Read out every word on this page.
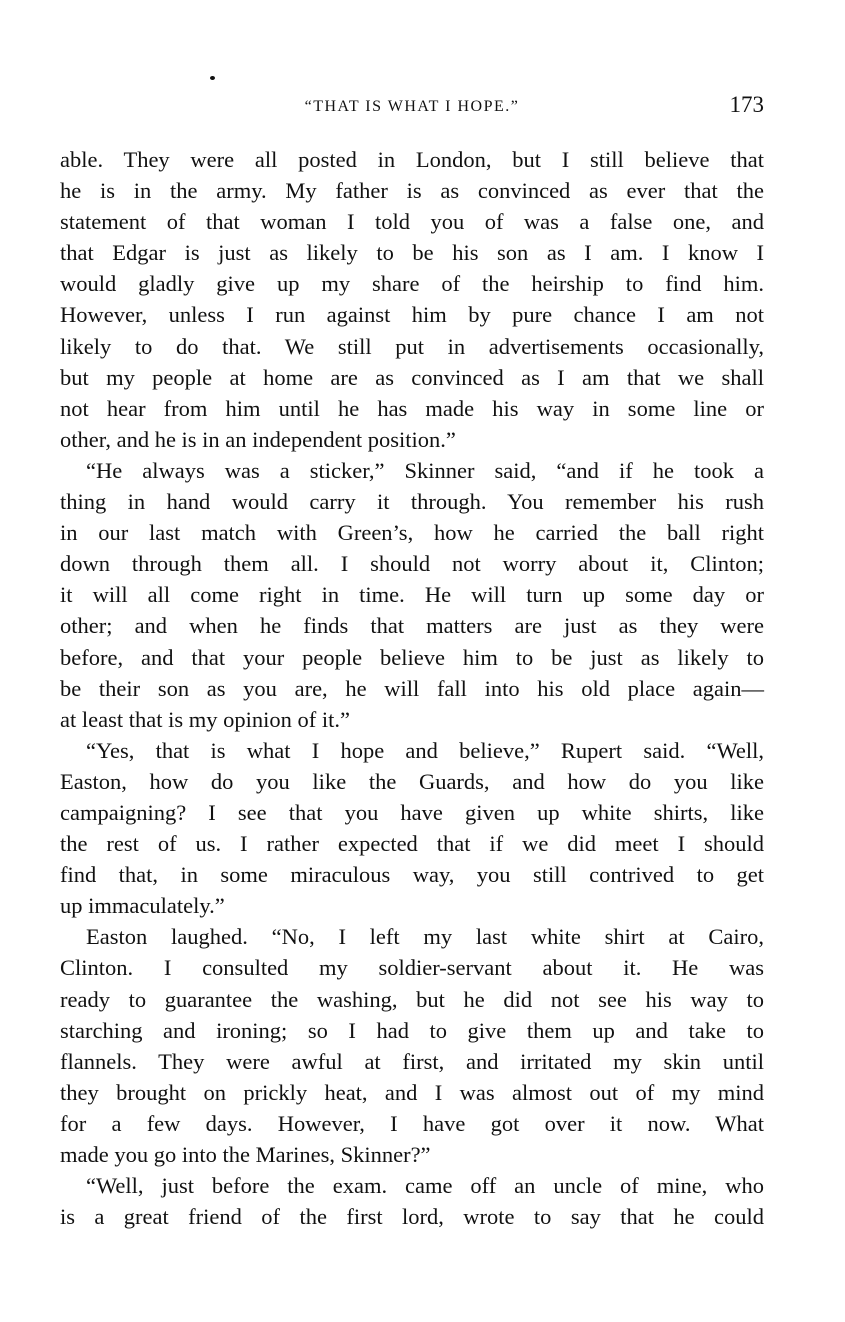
“THAT IS WHAT I HOPE.”	173
able. They were all posted in London, but I still believe that
he is in the army. My father is as convinced as ever that the
statement of that woman I told you of was a false one, and
that Edgar is just as likely to be his son as I am. I know I
would gladly give up my share of the heirship to find him.
However, unless I run against him by pure chance I am not
likely to do that. We still put in advertisements occasionally,
but my people at home are as convinced as I am that we shall
not hear from him until he has made his way in some line or
other, and he is in an independent position.”
“He always was a sticker,” Skinner said, “and if he took a
thing in hand would carry it through. You remember his rush
in our last match with Green’s, how he carried the ball right
down through them all. I should not worry about it, Clinton;
it will all come right in time. He will turn up some day or
other; and when he finds that matters are just as they were
before, and that your people believe him to be just as likely to
be their son as you are, he will fall into his old place again—
at least that is my opinion of it.”
“Yes, that is what I hope and believe,” Rupert said. “Well,
Easton, how do you like the Guards, and how do you like
campaigning? I see that you have given up white shirts, like
the rest of us. I rather expected that if we did meet I should
find that, in some miraculous way, you still contrived to get
up immaculately.”
Easton laughed. “No, I left my last white shirt at Cairo,
Clinton. I consulted my soldier-servant about it. He was
ready to guarantee the washing, but he did not see his way to
starching and ironing; so I had to give them up and take to
flannels. They were awful at first, and irritated my skin until
they brought on prickly heat, and I was almost out of my mind
for a few days. However, I have got over it now. What
made you go into the Marines, Skinner?”
“Well, just before the exam. came off an uncle of mine, who
is a great friend of the first lord, wrote to say that he could
